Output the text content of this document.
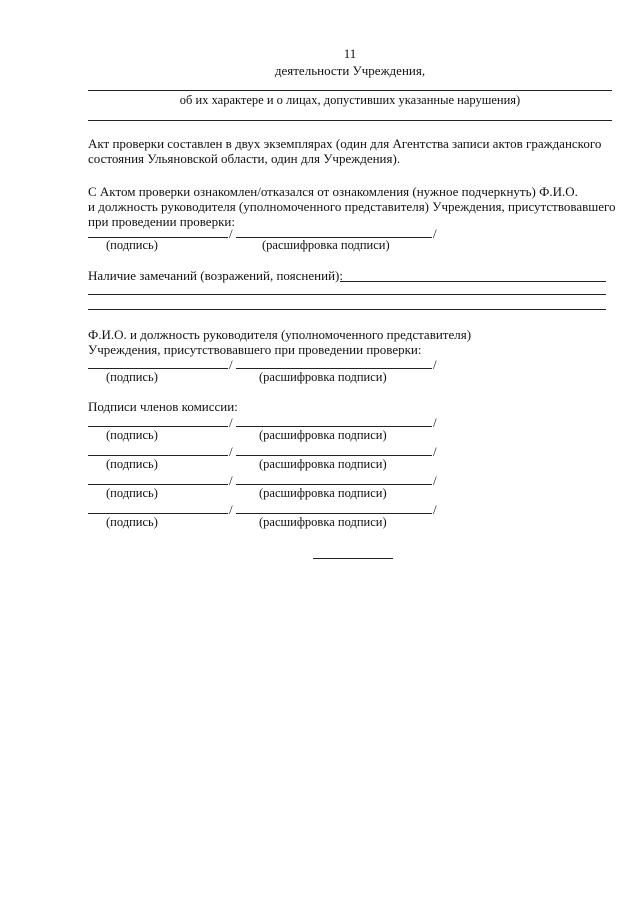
11
деятельности Учреждения,
об их характере и о лицах, допустивших указанные нарушения)
Акт проверки составлен в двух экземплярах (один для Агентства записи актов гражданского
состояния Ульяновской области, один для Учреждения).
С Актом проверки ознакомлен/отказался от ознакомления (нужное подчеркнуть) Ф.И.О.
и должность руководителя (уполномоченного представителя) Учреждения, присутствовавшего
при проведении проверки:
/	/
(подпись)	(расшифровка подписи)
Наличие замечаний (возражений, пояснений):
Ф.И.О. и должность руководителя (уполномоченного представителя)
Учреждения, присутствовавшего при проведении проверки:
/	/
(подпись)	(расшифровка подписи)
Подписи членов комиссии:
/	/
(подпись)	(расшифровка подписи)
/	/
(подпись)	(расшифровка подписи)
/	/
(подпись)	(расшифровка подписи)
/	/
(подпись)	(расшифровка подписи)
